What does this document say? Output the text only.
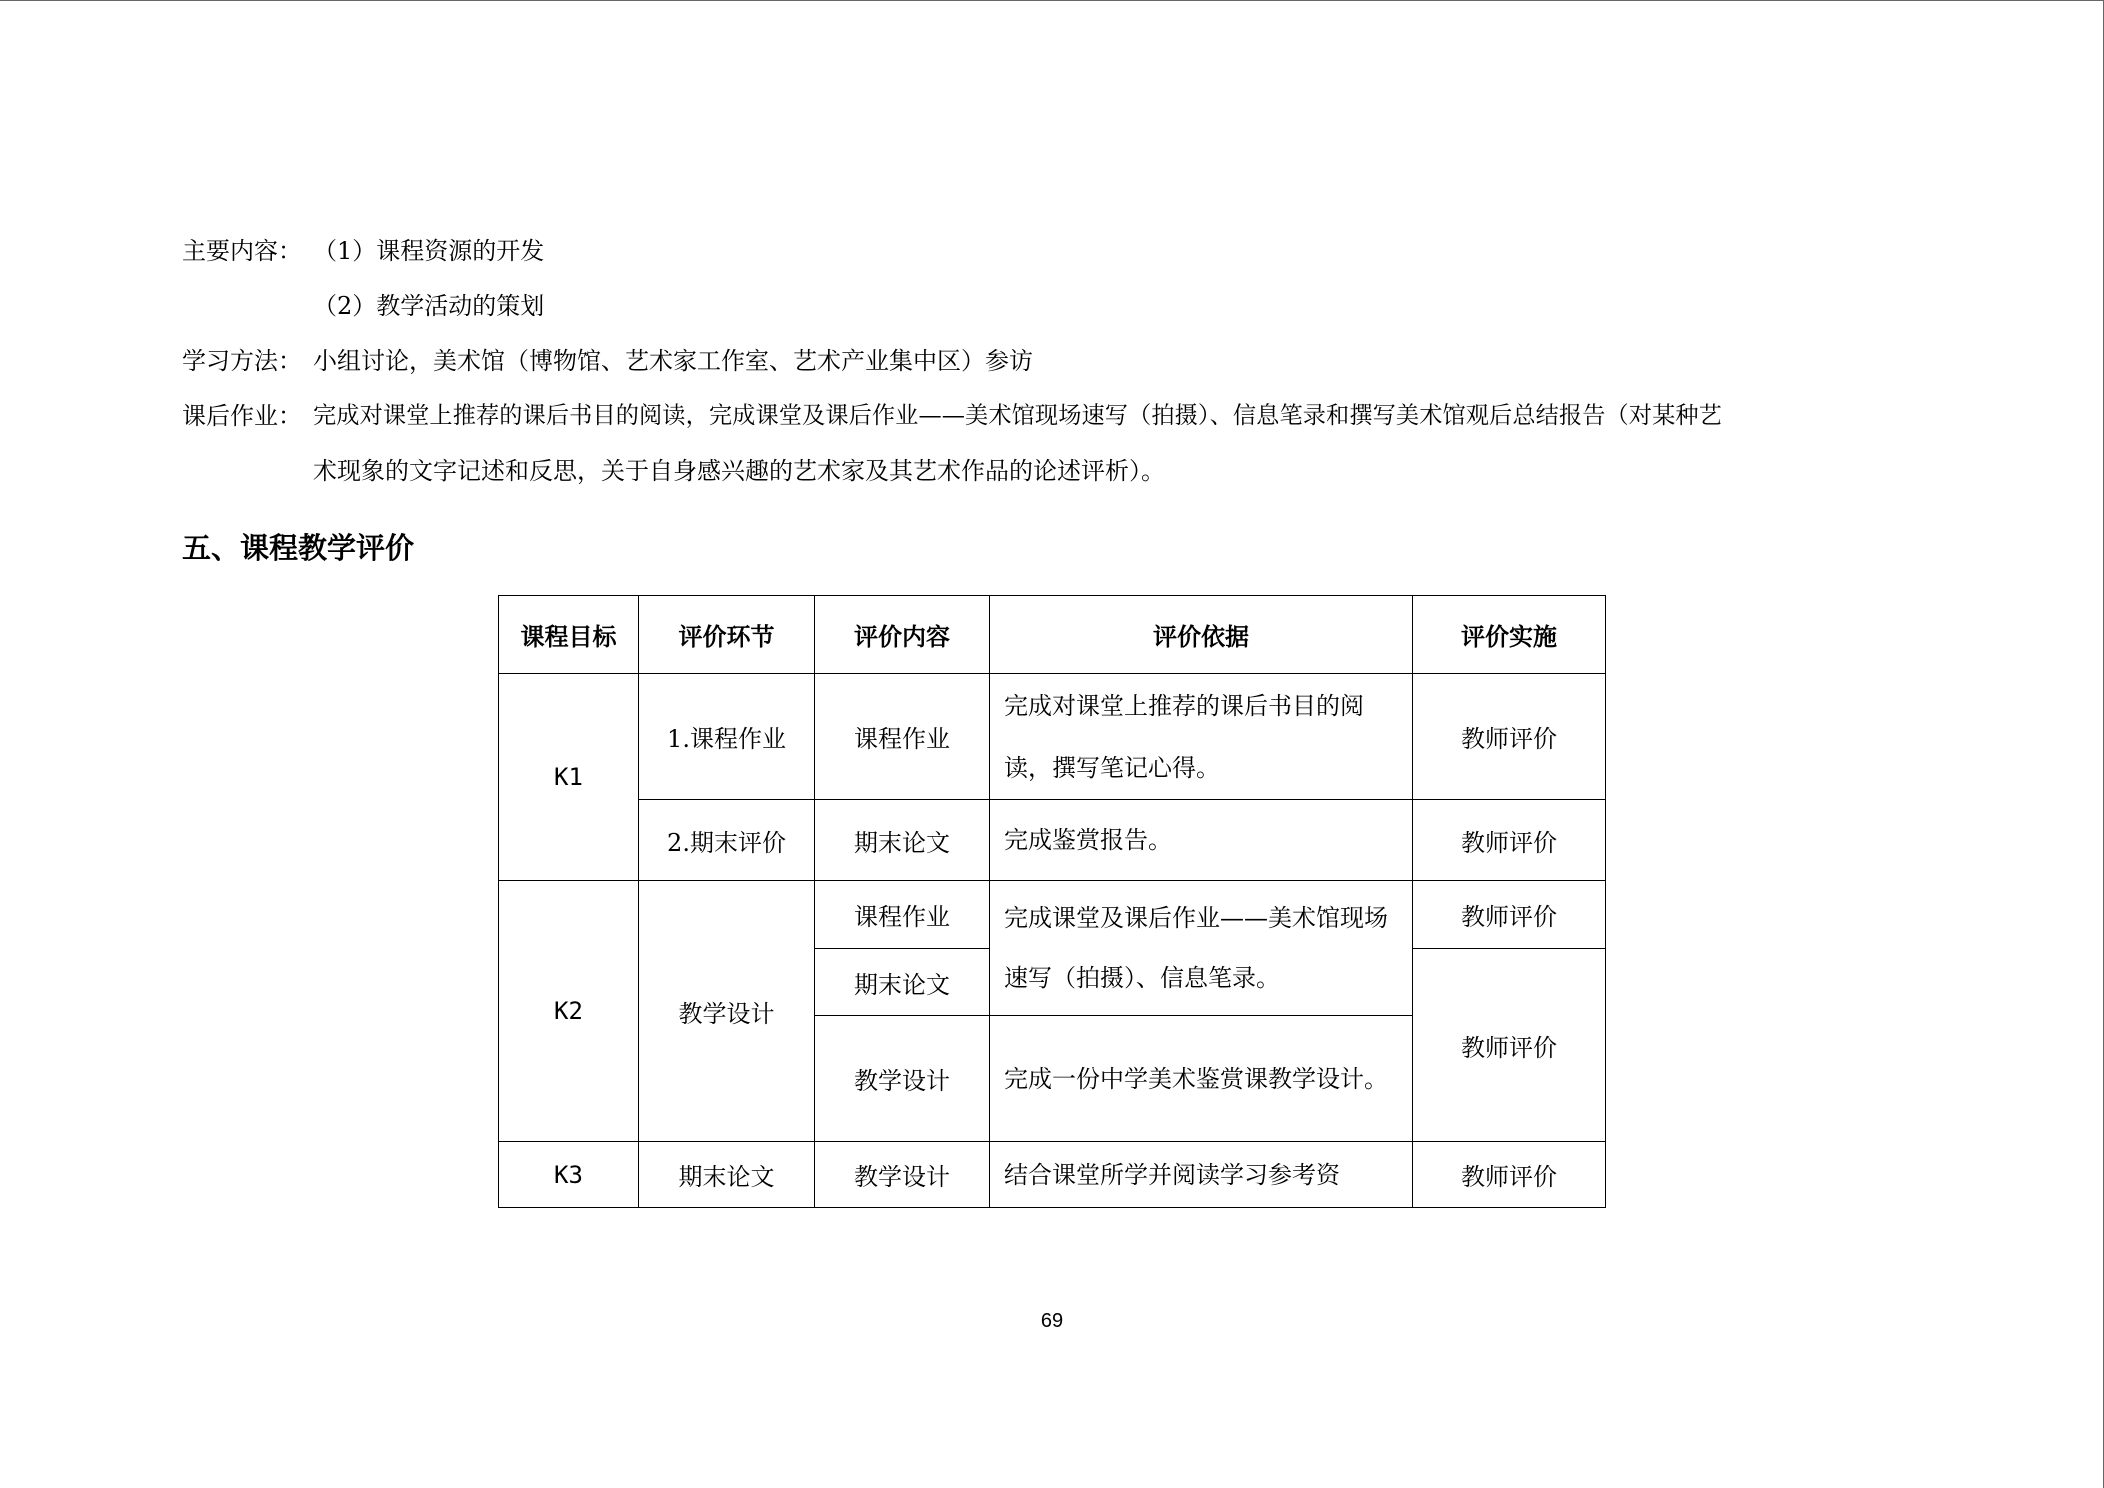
主要内容： （1）课程资源的开发
（2）教学活动的策划
学习方法： 小组讨论，美术馆（博物馆、艺术家工作室、艺术产业集中区）参访
课后作业： 完成对课堂上推荐的课后书目的阅读，完成课堂及课后作业——美术馆现场速写（拍摄）、信息笔录和撰写美术馆观后总结报告（对某种艺
术现象的文字记述和反思，关于自身感兴趣的艺术家及其艺术作品的论述评析）。
五、课程教学评价
课程目标	评价环节	评价内容	评价依据	评价实施
K1	1.课程作业	课程作业	完成对课堂上推荐的课后书目的阅读，撰写笔记心得。	教师评价
	2.期末评价	期末论文	完成鉴赏报告。	教师评价
K2	教学设计	课程作业	完成课堂及课后作业——美术馆现场速写（拍摄）、信息笔录。	教师评价
		期末论文		教师评价
		教学设计	完成一份中学美术鉴赏课教学设计。	
K3	期末论文	教学设计	结合课堂所学并阅读学习参考资	教师评价
69
